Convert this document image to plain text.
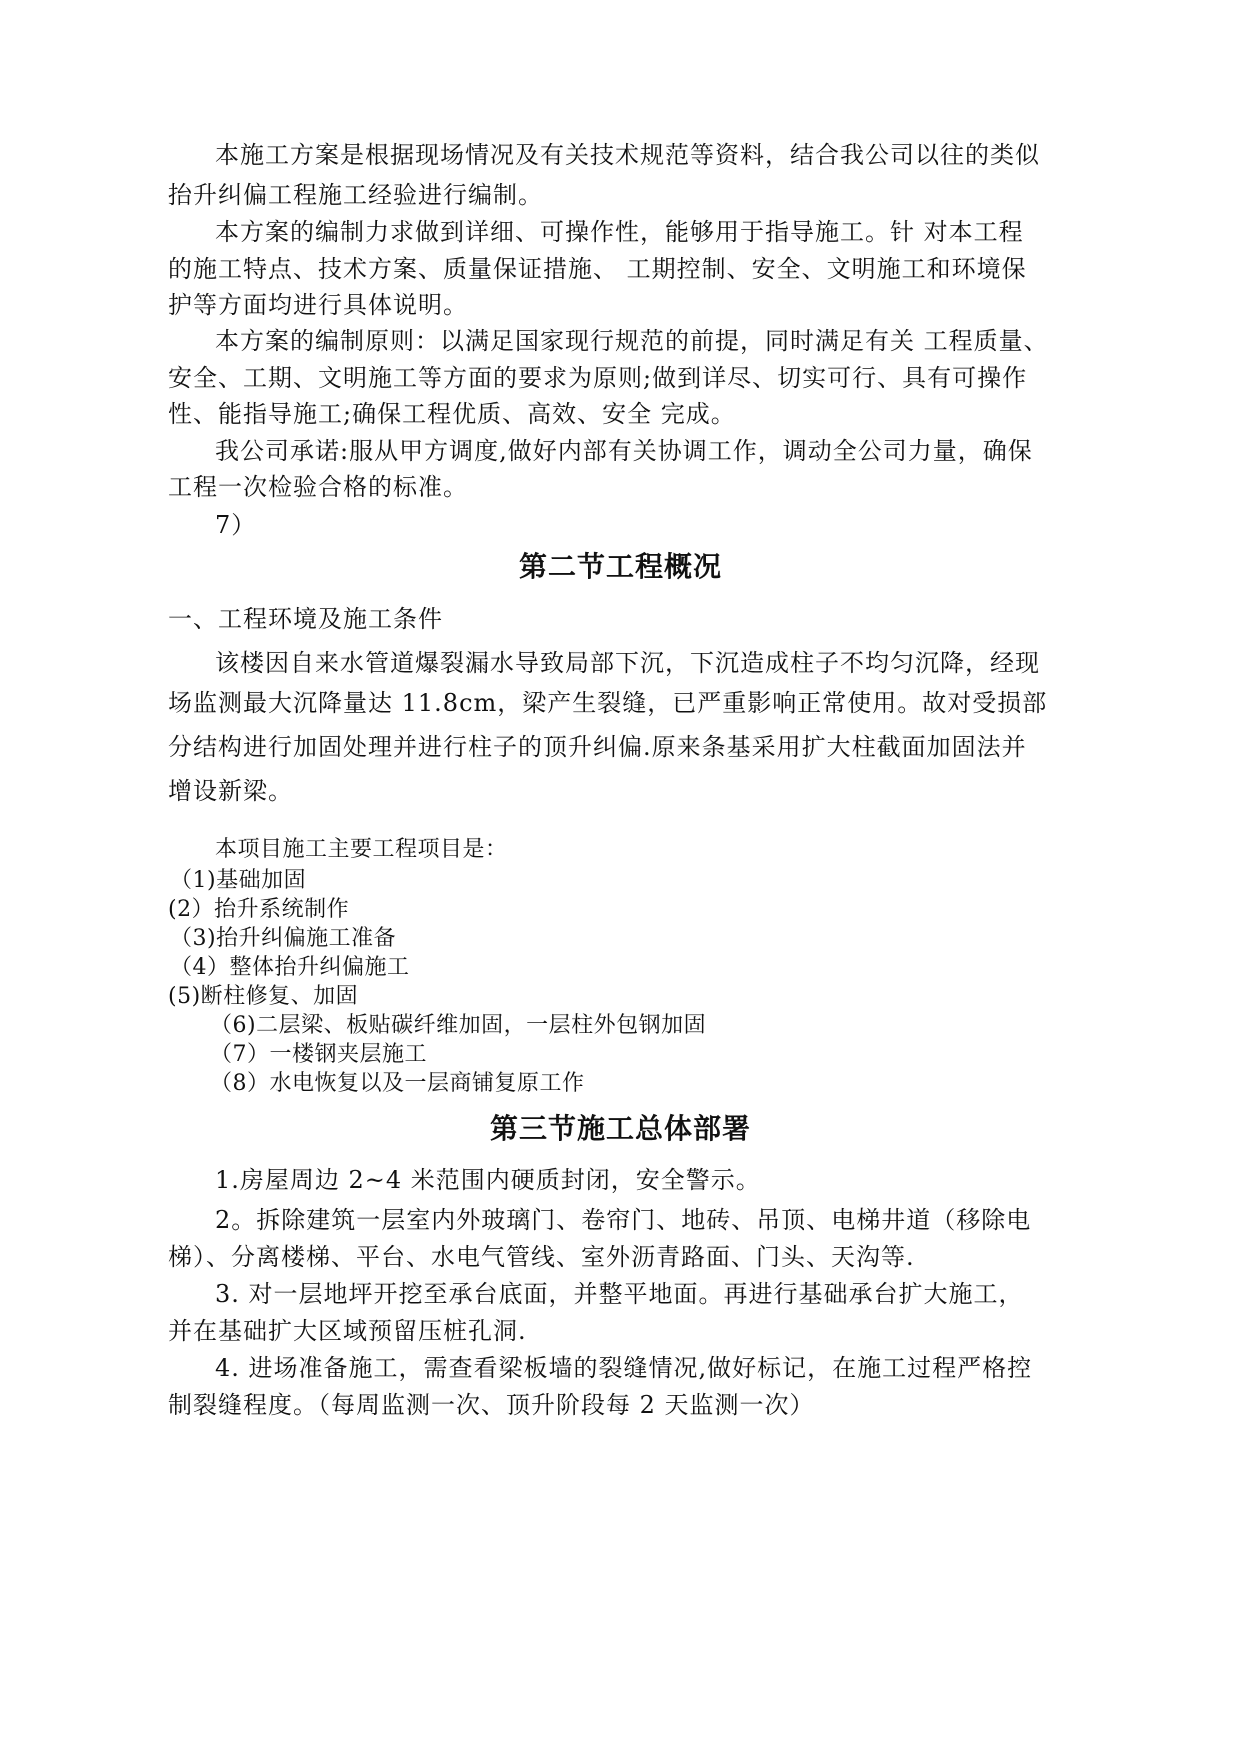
本施工方案是根据现场情况及有关技术规范等资料，结合我公司以往的类似
抬升纠偏工程施工经验进行编制。
本方案的编制力求做到详细、可操作性，能够用于指导施工。针 对本工程
的施工特点、技术方案、质量保证措施、 工期控制、安全、文明施工和环境保
护等方面均进行具体说明。
本方案的编制原则：以满足国家现行规范的前提，同时满足有关 工程质量、
安全、工期、文明施工等方面的要求为原则;做到详尽、切实可行、具有可操作
性、能指导施工;确保工程优质、高效、安全 完成。
我公司承诺:服从甲方调度,做好内部有关协调工作，调动全公司力量，确保
工程一次检验合格的标准。
7）
第二节工程概况
一、工程环境及施工条件
该楼因自来水管道爆裂漏水导致局部下沉，下沉造成柱子不均匀沉降，经现
场监测最大沉降量达 11.8cm，梁产生裂缝，已严重影响正常使用。故对受损部
分结构进行加固处理并进行柱子的顶升纠偏.原来条基采用扩大柱截面加固法并
增设新梁。
本项目施工主要工程项目是：
（1)基础加固
(2）抬升系统制作
（3)抬升纠偏施工准备
（4）整体抬升纠偏施工
(5)断柱修复、加固
（6)二层梁、板贴碳纤维加固，一层柱外包钢加固
（7）一楼钢夹层施工
（8）水电恢复以及一层商铺复原工作
第三节施工总体部署
1.房屋周边 2~4 米范围内硬质封闭，安全警示。
2。拆除建筑一层室内外玻璃门、卷帘门、地砖、吊顶、电梯井道（移除电
梯）、分离楼梯、平台、水电气管线、室外沥青路面、门头、天沟等.
3. 对一层地坪开挖至承台底面，并整平地面。再进行基础承台扩大施工，
并在基础扩大区域预留压桩孔洞.
4. 进场准备施工，需查看梁板墙的裂缝情况,做好标记，在施工过程严格控
制裂缝程度。（每周监测一次、顶升阶段每 2 天监测一次）
